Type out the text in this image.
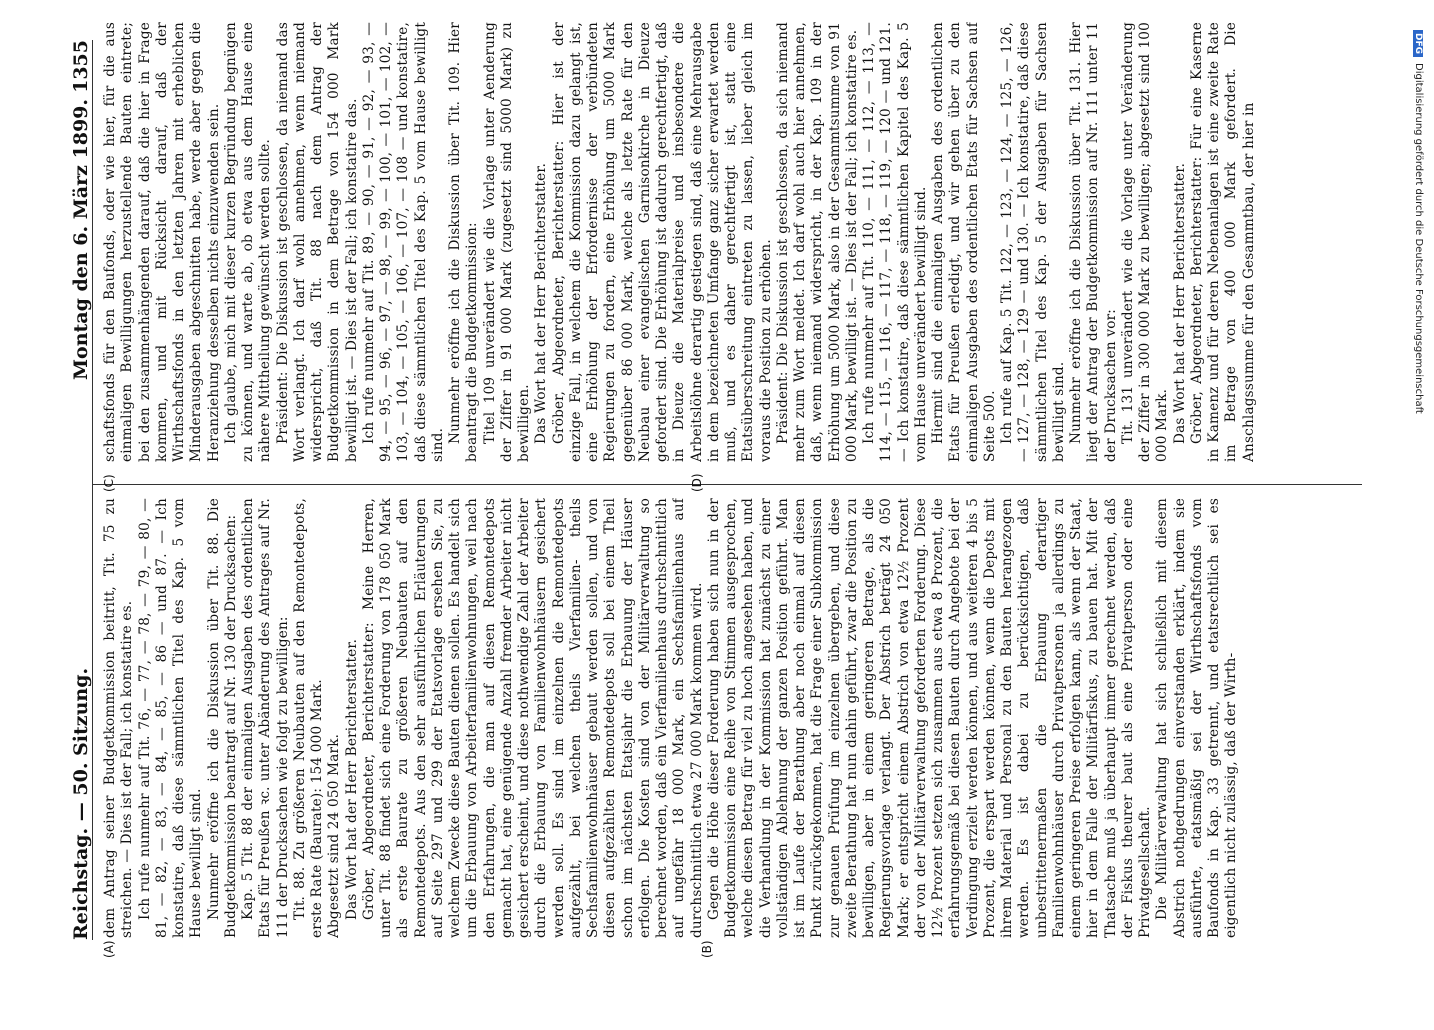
Reichstag. — 50. Sitzung.
Montag den 6. März 1899.
1355
(A)	(B)
(C)	(D)

dem Antrag seiner Budgetkommission beitritt, Tit. 75 zu streichen. — Dies ist der Fall; ich konstatire es. Ich rufe nunmehr auf Tit. 76, — 77, — 78, — 79, — 80, — 81, — 82, — 83, — 84, — 85, — 86 — und 87. — Ich konstatire, daß diese sämmtlichen Titel des Kap. 5 vom Hause bewilligt sind. Nunmehr eröffne ich die Diskussion über Tit. 88. Die Budgetkommission beantragt auf Nr. 130 der Drucksachen: Kap. 5 Tit. 88 der einmaligen Ausgaben des ordentlichen Etats für Preußen ꝛc. unter Abänderung des Antrages auf Nr. 111 der Drucksachen wie folgt zu bewilligen: Tit. 88. Zu größeren Neubauten auf den Remontedepots, erste Rate (Baurate): 154 000 Mark. Abgesetzt sind 24 050 Mark. Das Wort hat der Herr Berichterstatter. Gröber, Abgeordneter, Berichterstatter: Meine Herren, unter Tit. 88 findet sich eine Forderung von 178 050 Mark als erste Baurate zu größeren Neubauten auf den Remontedepots. Aus den sehr ausführlichen Erläuterungen auf Seite 297 und 299 der Etatsvorlage ersehen Sie, zu welchem Zwecke diese Bauten dienen sollen. Es handelt sich um die Erbauung von Arbeiterfamilienwohnungen, weil nach den Erfahrungen, die man auf diesen Remontedepots gemacht hat, eine genügende Anzahl fremder Arbeiter nicht gesichert erscheint, und diese nothwendige Zahl der Arbeiter durch die Erbauung von Familienwohnhäusern gesichert werden soll. Es sind im einzelnen die Remontedepots aufgezählt, bei welchen theils Vierfamilien- theils Sechsfamilienwohnhäuser gebaut werden sollen, und von diesen aufgezählten Remontedepots soll bei einem Theil schon im nächsten Etatsjahr die Erbauung der Häuser erfolgen. Die Kosten sind von der Militärverwaltung so berechnet worden, daß ein Vierfamilienhaus durchschnittlich auf ungefähr 18 000 Mark, ein Sechsfamilienhaus auf durchschnittlich etwa 27 000 Mark kommen wird. Gegen die Höhe dieser Forderung haben sich nun in der Budgetkommission eine Reihe von Stimmen ausgesprochen, welche diesen Betrag für viel zu hoch angesehen haben, und die Verhandlung in der Kommission hat zunächst zu einer vollständigen Ablehnung der ganzen Position geführt. Man ist im Laufe der Berathung aber noch einmal auf diesen Punkt zurückgekommen, hat die Frage einer Subkommission zur genauen Prüfung im einzelnen übergeben, und diese zweite Berathung hat nun dahin geführt, zwar die Position zu bewilligen, aber in einem geringeren Betrage, als die Regierungsvorlage verlangt. Der Abstrich beträgt 24 050 Mark; er entspricht einem Abstrich von etwa 12½ Prozent der von der Militärverwaltung geforderten Forderung. Diese 12½ Prozent setzen sich zusammen aus etwa 8 Prozent, die erfahrungsgemäß bei diesen Bauten durch Angebote bei der Verdingung erzielt werden können, und aus weiteren 4 bis 5 Prozent, die erspart werden können, wenn die Depots mit ihrem Material und Personal zu den Bauten herangezogen werden. Es ist dabei zu berücksichtigen, daß unbestrittenermaßen die Erbauung derartiger Familienwohnhäuser durch Privatpersonen ja allerdings zu einem geringeren Preise erfolgen kann, als wenn der Staat, hier in dem Falle der Militärfiskus, zu bauen hat. Mit der Thatsache muß ja überhaupt immer gerechnet werden, daß der Fiskus theurer baut als eine Privatperson oder eine Privatgesellschaft. Die Militärverwaltung hat sich schließlich mit diesem Abstrich nothgedrungen einverstanden erklärt, indem sie ausführte, etatsmäßig sei der Wirthschaftsfonds vom Baufonds in Kap. 33 getrennt, und etatsrechtlich sei es eigentlich nicht zulässig, daß der Wirth-

schaftsfonds für den Baufonds, oder wie hier, für die aus einmaligen Bewilligungen herzustellende Bauten eintrete; bei den zusammenhängenden darauf, daß die hier in Frage kommen, und mit Rücksicht darauf, daß der Wirthschaftsfonds in den letzten Jahren mit erheblichen Minderausgaben abgeschnitten habe, werde aber gegen die Heranziehung desselben nichts einzuwenden sein. Ich glaube, mich mit dieser kurzen Begründung begnügen zu können, und warte ab, ob etwa aus dem Hause eine nähere Mittheilung gewünscht werden sollte. Präsident: Die Diskussion ist geschlossen, da niemand das Wort verlangt. Ich darf wohl annehmen, wenn niemand widerspricht, daß Tit. 88 nach dem Antrag der Budgetkommission in dem Betrage von 154 000 Mark bewilligt ist. — Dies ist der Fall; ich konstatire das. Ich rufe nunmehr auf Tit. 89, — 90, — 91, — 92, — 93, — 94, — 95, — 96, — 97, — 98, — 99, — 100, — 101, — 102, — 103, — 104, — 105, — 106, — 107, — 108 — und konstatire, daß diese sämmtlichen Titel des Kap. 5 vom Hause bewilligt sind.

Nunmehr eröffne ich die Diskussion über Tit. 109. Hier beantragt die Budgetkommission: Titel 109 unverändert wie die Vorlage unter Aenderung der Ziffer in 91 000 Mark (zugesetzt sind 5000 Mark) zu bewilligen. Das Wort hat der Herr Berichterstatter. Gröber, Abgeordneter, Berichterstatter: Hier ist der einzige Fall, in welchem die Kommission dazu gelangt ist, eine Erhöhung der Erfordernisse der verbündeten Regierungen zu fordern, eine Erhöhung um 5000 Mark gegenüber 86 000 Mark, welche als letzte Rate für den Neubau einer evangelischen Garnisonkirche in Dieuze gefordert sind. Die Erhöhung ist dadurch gerechtfertigt, daß in Dieuze die Materialpreise und insbesondere die Arbeitslöhne derartig gestiegen sind, daß eine Mehrausgabe in dem bezeichneten Umfange ganz sicher erwartet werden muß, und es daher gerechtfertigt ist, statt eine Etatsüberschreitung eintreten zu lassen, lieber gleich im voraus die Position zu erhöhen. Präsident: Die Diskussion ist geschlossen, da sich niemand mehr zum Wort meldet. Ich darf wohl auch hier annehmen, daß, wenn niemand widerspricht, in der Kap. 109 in der Erhöhung um 5000 Mark, also in der Gesammtsumme von 91 000 Mark, bewilligt ist. — Dies ist der Fall; ich konstatire es. Ich rufe nunmehr auf Tit. 110, — 111, — 112, — 113, — 114, — 115, — 116, — 117, — 118, — 119, — 120 — und 121. — Ich konstatire, daß diese sämmtlichen Kapitel des Kap. 5 vom Hause unverändert bewilligt sind. Hiermit sind die einmaligen Ausgaben des ordentlichen Etats für Preußen erledigt, und wir gehen über zu den einmaligen Ausgaben des ordentlichen Etats für Sachsen auf Seite 500. Ich rufe auf Kap. 5 Tit. 122, — 123, — 124, — 125, — 126, — 127, — 128, — 129 — und 130. — Ich konstatire, daß diese sämmtlichen Titel des Kap. 5 der Ausgaben für Sachsen bewilligt sind. Nunmehr eröffne ich die Diskussion über Tit. 131. Hier liegt der Antrag der Budgetkommission auf Nr. 111 unter 11 der Drucksachen vor: Tit. 131 unverändert wie die Vorlage unter Veränderung der Ziffer in 300 000 Mark zu bewilligen; abgesetzt sind 100 000 Mark. Das Wort hat der Herr Berichterstatter. Gröber, Abgeordneter, Berichterstatter: Für eine Kaserne in Kamenz und für deren Nebenanlagen ist eine zweite Rate im Betrage von 400 000 Mark gefordert. Die Anschlagssumme für den Gesammtbau, der hier in

DFGDigitalisierung gefördert durch die Deutsche Forschungsgemeinschaft
